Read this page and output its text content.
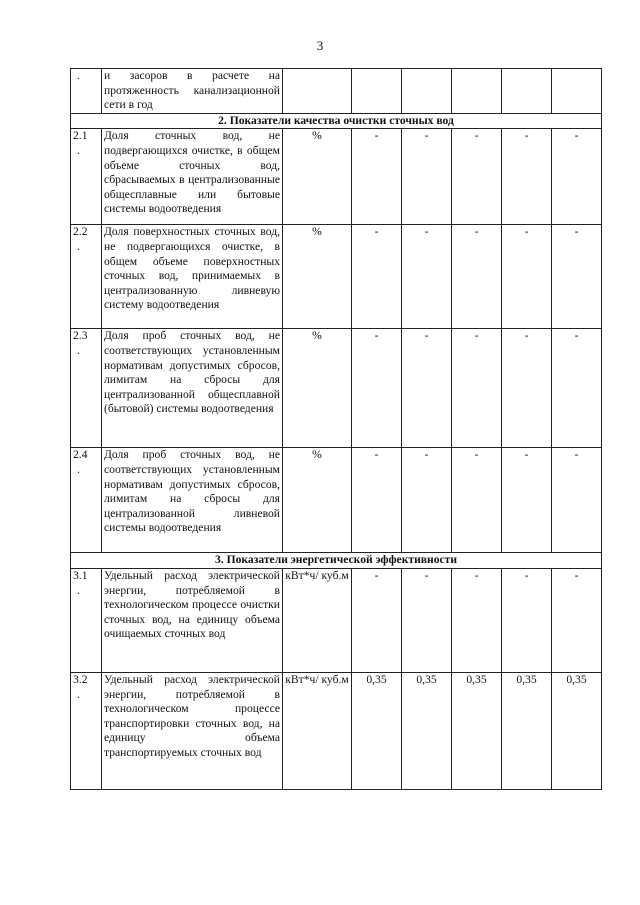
3
.	и засоров в расчете на протяженность канализационной сети в год						
2. Показатели качества очистки сточных вод							

2.1
.	Доля сточных вод, не подвергающихся очистке, в общем объеме сточных вод, сбрасываемых в централизованные общесплавные или бытовые системы водоотведения	%	-	-	-	-	-

2.2
.	Доля поверхностных сточных вод, не подвергающихся очистке, в общем объеме поверхностных сточных вод, принимаемых в централизованную ливневую систему водоотведения	%	-	-	-	-	-

2.3
.	Доля проб сточных вод, не соответствующих установленным нормативам допустимых сбросов, лимитам на сбросы для централизованной общесплавной (бытовой) системы водоотведения	%	-	-	-	-	-

2.4
.	Доля проб сточных вод, не соответствующих установленным нормативам допустимых сбросов, лимитам на сбросы для централизованной ливневой системы водоотведения	%	-	-	-	-	-
3. Показатели энергетической эффективности							

3.1
.	Удельный расход электрической энергии, потребляемой в технологическом процессе очистки сточных вод, на единицу объема очищаемых сточных вод	кВт*ч/ куб.м	-	-	-	-	-

3.2
.	Удельный расход электрической энергии, потребляемой в технологическом процессе транспортировки сточных вод, на единицу объема транспортируемых сточных вод	кВт*ч/ куб.м	0,35	0,35	0,35	0,35	0,35
